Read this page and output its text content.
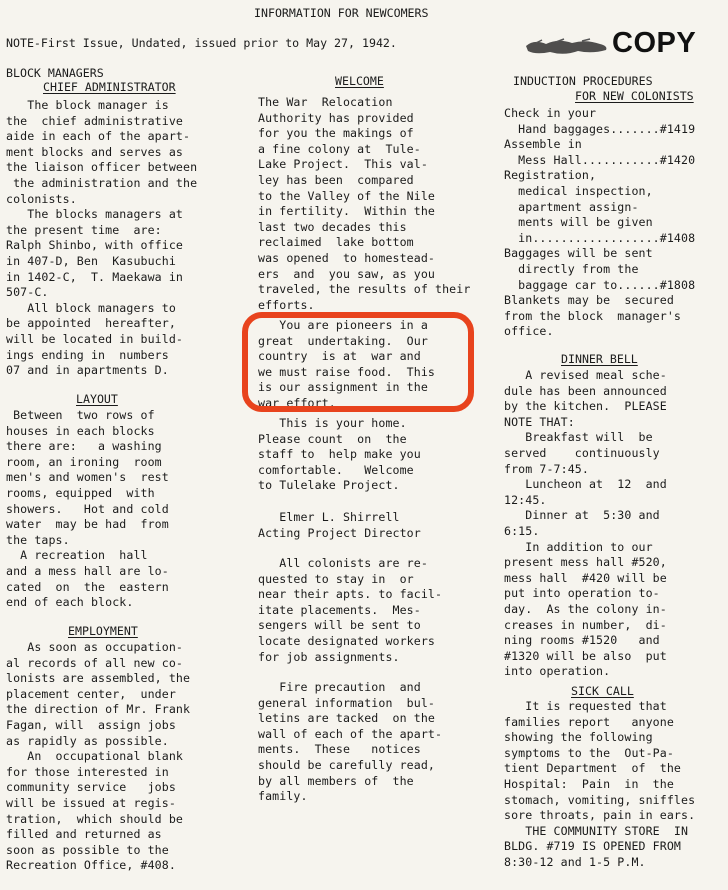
INFORMATION FOR NEWCOMERS
NOTE-First Issue, Undated, issued prior to May 27, 1942.	COPY
BLOCK MANAGERS
CHIEF ADMINISTRATOR
The block manager is
the  chief administrative
aide in each of the apart-
ment blocks and serves as
the liaison officer between
the administration and the
colonists.
The blocks managers at
the present time  are:
Ralph Shinbo, with office
in 407-D, Ben  Kasubuchi
in 1402-C,  T. Maekawa in
507-C.
All block managers to
be appointed  hereafter,
will be located in build-
ings ending in  numbers
07 and in apartments D.
LAYOUT
Between  two rows of
houses in each blocks
there are:   a washing
room, an ironing  room
men's and women's  rest
rooms, equipped  with
showers.   Hot and cold
water  may be had  from
the taps.
A recreation  hall
and a mess hall are lo-
cated  on  the  eastern
end of each block.
EMPLOYMENT
As soon as occupation-
al records of all new co-
lonists are assembled, the
placement center,  under
the direction of Mr. Frank
Fagan, will  assign jobs
as rapidly as possible.
An  occupational blank
for those interested in
community service   jobs
will be issued at regis-
tration,  which should be
filled and returned as
soon as possible to the
Recreation Office, #408.
WELCOME
The War  Relocation
Authority has provided
for you the makings of
a fine colony at  Tule-
Lake Project.  This val-
ley has been  compared
to the Valley of the Nile
in fertility.  Within the
last two decades this
reclaimed  lake bottom
was opened  to homestead-
ers  and  you saw, as you
traveled, the results of their
efforts.
You are pioneers in a
great  undertaking.  Our
country  is at  war and
we must raise food.  This
is our assignment in the
war effort.
This is your home.
Please count  on  the
staff to  help make you
comfortable.   Welcome
to Tulelake Project.
Elmer L. Shirrell
Acting Project Director
All colonists are re-
quested to stay in  or
near their apts. to facil-
itate placements.  Mes-
sengers will be sent to
locate designated workers
for job assignments.
Fire precaution  and
general information  bul-
letins are tacked  on the
wall of each of the apart-
ments.  These   notices
should be carefully read,
by all members of  the
family.
INDUCTION PROCEDURES
FOR NEW COLONISTS
Check in your
Hand baggages.......#1419
Assemble in
Mess Hall...........#1420
Registration,
medical inspection,
apartment assign-
ments will be given
in..................#1408
Baggages will be sent
directly from the
baggage car to......#1808
Blankets may be  secured
from the block  manager's
office.
DINNER BELL
A revised meal sche-
dule has been announced
by the kitchen.  PLEASE
NOTE THAT:
Breakfast will  be
served    continuously
from 7-7:45.
Luncheon at  12  and
12:45.
Dinner at  5:30 and
6:15.
In addition to our
present mess hall #520,
mess hall  #420 will be
put into operation to-
day.  As the colony in-
creases in number,  di-
ning rooms #1520   and
#1320 will be also  put
into operation.
SICK CALL
It is requested that
families report   anyone
showing the following
symptoms to the  Out-Pa-
tient Department  of  the
Hospital:  Pain  in  the
stomach, vomiting, sniffles
sore throats, pain in ears.
THE COMMUNITY STORE  IN
BLDG. #719 IS OPENED FROM
8:30-12 and 1-5 P.M.
